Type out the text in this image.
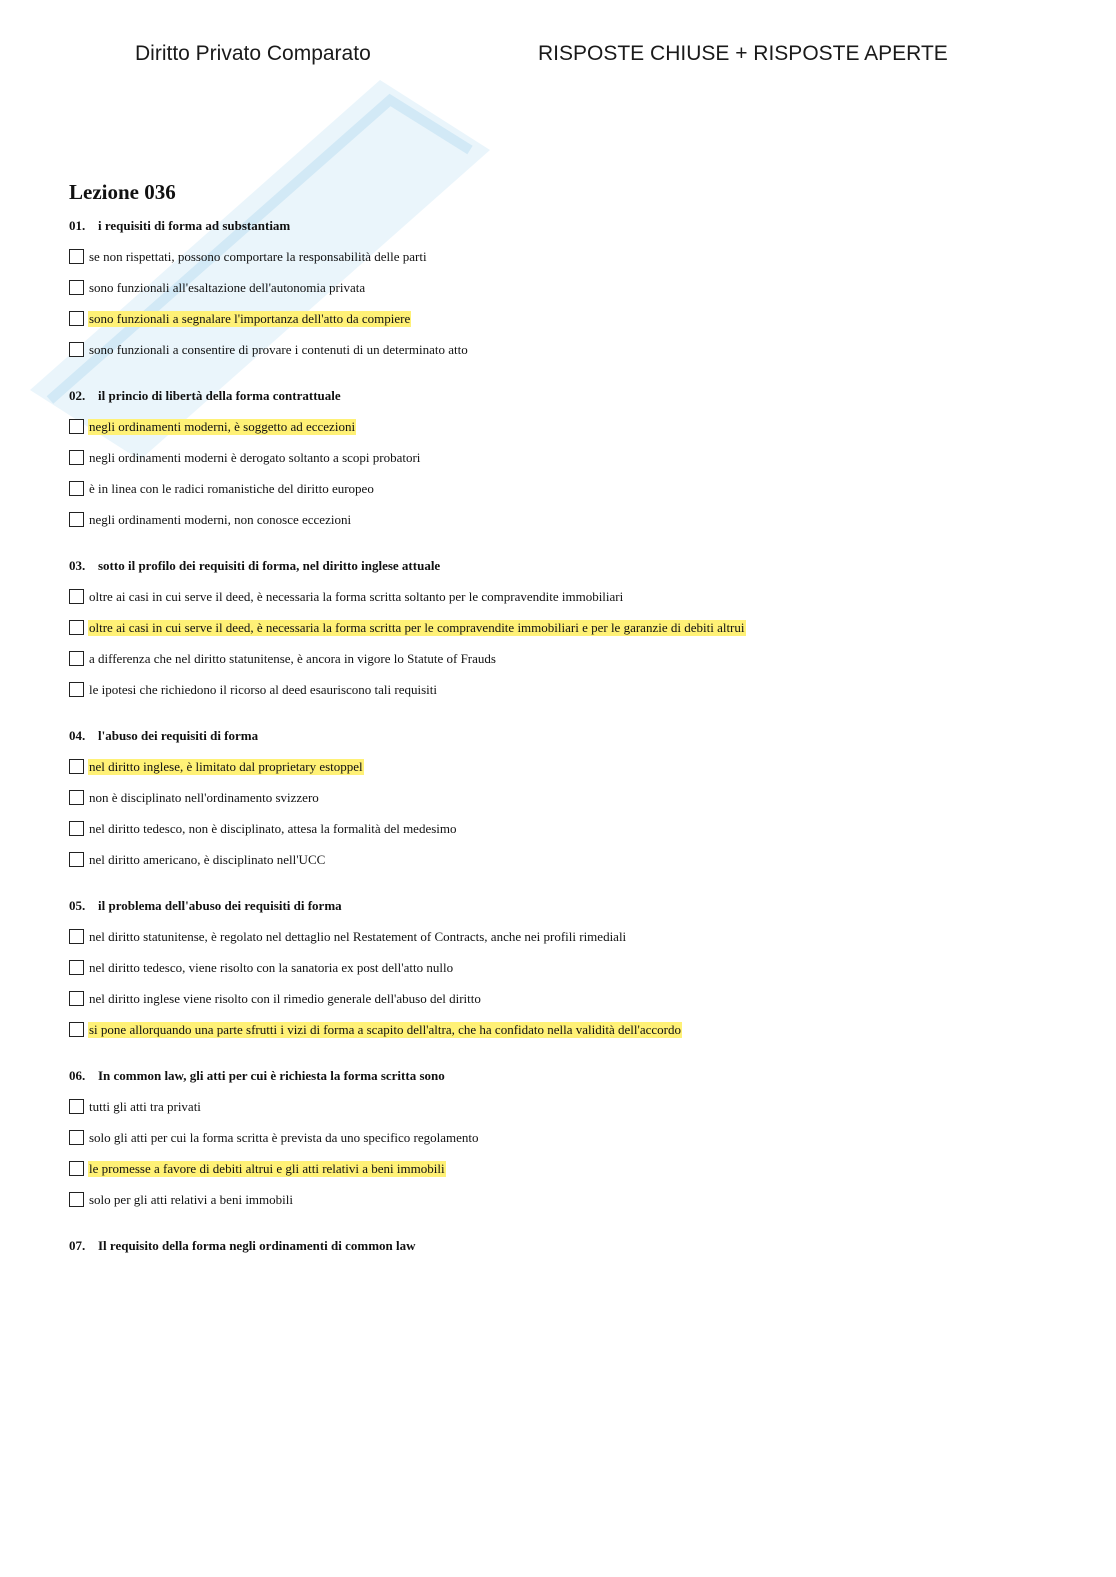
Diritto Privato Comparato	RISPOSTE CHIUSE + RISPOSTE APERTE
Lezione 036
01. i requisiti di forma ad substantiam
se non rispettati, possono comportare la responsabilità delle parti
sono funzionali all'esaltazione dell'autonomia privata
sono funzionali a segnalare l'importanza dell'atto da compiere
sono funzionali a consentire di provare i contenuti di un determinato atto
02. il princio di libertà della forma contrattuale
negli ordinamenti moderni, è soggetto ad eccezioni
negli ordinamenti moderni è derogato soltanto a scopi probatori
è in linea con le radici romanistiche del diritto europeo
negli ordinamenti moderni, non conosce eccezioni
03. sotto il profilo dei requisiti di forma, nel diritto inglese attuale
oltre ai casi in cui serve il deed, è necessaria la forma scritta soltanto per le compravendite immobiliari
oltre ai casi in cui serve il deed, è necessaria la forma scritta per le compravendite immobiliari e per le garanzie di debiti altrui
a differenza che nel diritto statunitense, è ancora in vigore lo Statute of Frauds
le ipotesi che richiedono il ricorso al deed esauriscono tali requisiti
04. l'abuso dei requisiti di forma
nel diritto inglese, è limitato dal proprietary estoppel
non è disciplinato nell'ordinamento svizzero
nel diritto tedesco, non è disciplinato, attesa la formalità del medesimo
nel diritto americano, è disciplinato nell'UCC
05. il problema dell'abuso dei requisiti di forma
nel diritto statunitense, è regolato nel dettaglio nel Restatement of Contracts, anche nei profili rimediali
nel diritto tedesco, viene risolto con la sanatoria ex post dell'atto nullo
nel diritto inglese viene risolto con il rimedio generale dell'abuso del diritto
si pone allorquando una parte sfrutti i vizi di forma a scapito dell'altra, che ha confidato nella validità dell'accordo
06. In common law, gli atti per cui è richiesta la forma scritta sono
tutti gli atti tra privati
solo gli atti per cui la forma scritta è prevista da uno specifico regolamento
le promesse a favore di debiti altrui e gli atti relativi a beni immobili
solo per gli atti relativi a beni immobili
07. Il requisito della forma negli ordinamenti di common law
